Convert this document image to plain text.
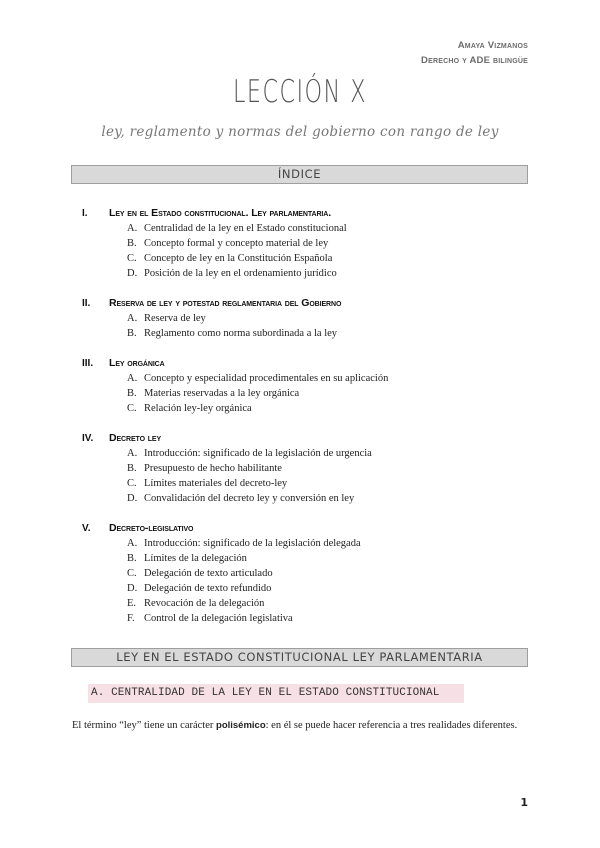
Amaya Vizmanos
Derecho y ADE bilingüe
LECCIÓN X
ley, reglamento y normas del gobierno con rango de ley
ÍNDICE
I.	Ley en el Estado constitucional. Ley parlamentaria.
A. Centralidad de la ley en el Estado constitucional
B. Concepto formal y concepto material de ley
C. Concepto de ley en la Constitución Española
D. Posición de la ley en el ordenamiento jurídico
II.	Reserva de ley y potestad reglamentaria del Gobierno
A. Reserva de ley
B. Reglamento como norma subordinada a la ley
III.	Ley orgánica
A. Concepto y especialidad procedimentales en su aplicación
B. Materias reservadas a la ley orgánica
C. Relación ley-ley orgánica
IV.	Decreto ley
A. Introducción: significado de la legislación de urgencia
B. Presupuesto de hecho habilitante
C. Límites materiales del decreto-ley
D. Convalidación del decreto ley y conversión en ley
V.	Decreto-legislativo
A. Introducción: significado de la legislación delegada
B. Límites de la delegación
C. Delegación de texto articulado
D. Delegación de texto refundido
E. Revocación de la delegación
F. Control de la delegación legislativa
LEY EN EL ESTADO CONSTITUCIONAL LEY PARLAMENTARIA
A. CENTRALIDAD DE LA LEY EN EL ESTADO CONSTITUCIONAL
El término “ley” tiene un carácter polisémico: en él se puede hacer referencia a tres realidades diferentes.
1
